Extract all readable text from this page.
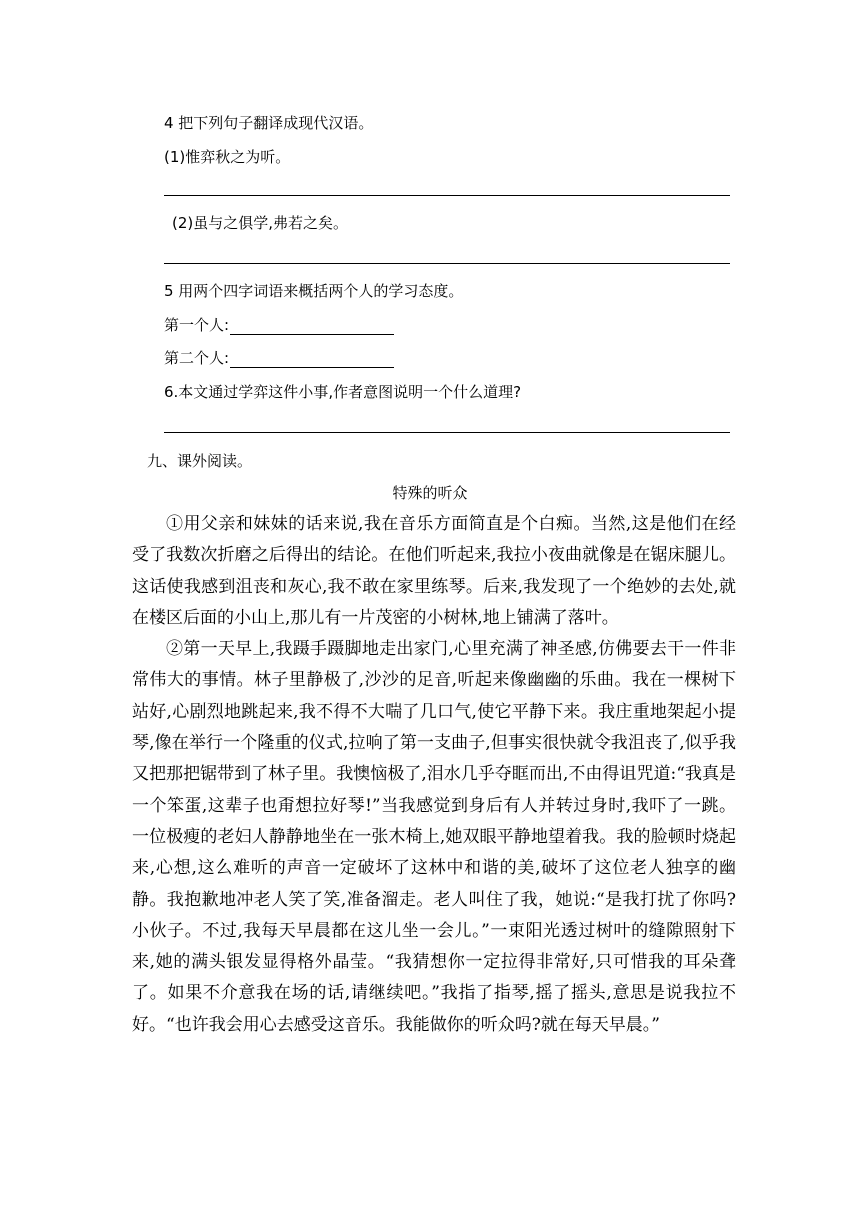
4 把下列句子翻译成现代汉语。
(1)惟弈秋之为听。
(2)虽与之俱学,弗若之矣。
5 用两个四字词语来概括两个人的学习态度。
第一个人:
第二个人:
6.本文通过学弈这件小事,作者意图说明一个什么道理?
九、课外阅读。
特殊的听众

①用父亲和妹妹的话来说,我在音乐方面简直是个白痴。当然,这是他们在经受了我数次折磨之后得出的结论。在他们听起来,我拉小夜曲就像是在锯床腿儿。这话使我感到沮丧和灰心,我不敢在家里练琴。后来,我发现了一个绝妙的去处,就在楼区后面的小山上,那儿有一片茂密的小树林,地上铺满了落叶。

②第一天早上,我蹑手蹑脚地走出家门,心里充满了神圣感,仿佛要去干一件非常伟大的事情。林子里静极了,沙沙的足音,听起来像幽幽的乐曲。我在一棵树下站好,心剧烈地跳起来,我不得不大喘了几口气,使它平静下来。我庄重地架起小提琴,像在举行一个隆重的仪式,拉响了第一支曲子,但事实很快就令我沮丧了,似乎我又把那把锯带到了林子里。我懊恼极了,泪水几乎夺眶而出,不由得诅咒道:“我真是一个笨蛋,这辈子也甭想拉好琴!”当我感觉到身后有人并转过身时,我吓了一跳。一位极瘦的老妇人静静地坐在一张木椅上,她双眼平静地望着我。我的脸顿时烧起来,心想,这么难听的声音一定破坏了这林中和谐的美,破坏了这位老人独享的幽静。我抱歉地冲老人笑了笑,准备溜走。老人叫住了我，她说:“是我打扰了你吗?小伙子。不过,我每天早晨都在这儿坐一会儿。”一束阳光透过树叶的缝隙照射下来,她的满头银发显得格外晶莹。“我猜想你一定拉得非常好,只可惜我的耳朵聋了。如果不介意我在场的话,请继续吧。”我指了指琴,摇了摇头,意思是说我拉不好。“也许我会用心去感受这音乐。我能做你的听众吗?就在每天早晨。”
